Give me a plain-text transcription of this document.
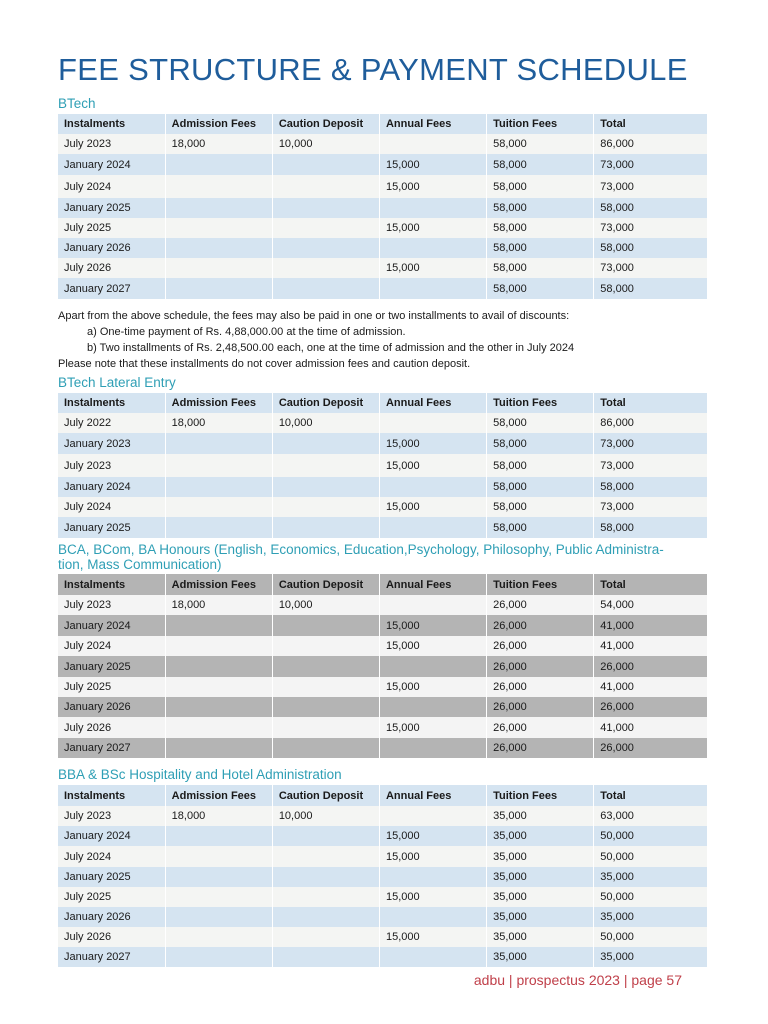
FEE STRUCTURE & PAYMENT SCHEDULE
BTech
Instalments	Admission Fees	Caution Deposit	Annual Fees	Tuition Fees	Total
July 2023	18,000	10,000		58,000	86,000
January 2024			15,000	58,000	73,000
July 2024			15,000	58,000	73,000
January 2025				58,000	58,000
July 2025			15,000	58,000	73,000
January 2026				58,000	58,000
July 2026			15,000	58,000	73,000
January 2027				58,000	58,000
Apart from the above schedule, the fees may also be paid in one or two installments to avail of discounts:
a) One-time payment of Rs. 4,88,000.00 at the time of admission.
b) Two installments of Rs. 2,48,500.00 each, one at the time of admission and the other in July 2024
Please note that these installments do not cover admission fees and caution deposit.
BTech Lateral Entry
Instalments	Admission Fees	Caution Deposit	Annual Fees	Tuition Fees	Total
July 2022	18,000	10,000		58,000	86,000
January 2023			15,000	58,000	73,000
July 2023			15,000	58,000	73,000
January 2024				58,000	58,000
July 2024			15,000	58,000	73,000
January 2025				58,000	58,000
BCA, BCom, BA Honours (English, Economics, Education,Psychology, Philosophy, Public Administra-
tion, Mass Communication)
Instalments	Admission Fees	Caution Deposit	Annual Fees	Tuition Fees	Total
July 2023	18,000	10,000		26,000	54,000
January 2024			15,000	26,000	41,000
July 2024			15,000	26,000	41,000
January 2025				26,000	26,000
July 2025			15,000	26,000	41,000
January 2026				26,000	26,000
July 2026			15,000	26,000	41,000
January 2027				26,000	26,000
BBA & BSc Hospitality and Hotel Administration
Instalments	Admission Fees	Caution Deposit	Annual Fees	Tuition Fees	Total
July 2023	18,000	10,000		35,000	63,000
January 2024			15,000	35,000	50,000
July 2024			15,000	35,000	50,000
January 2025				35,000	35,000
July 2025			15,000	35,000	50,000
January 2026				35,000	35,000
July 2026			15,000	35,000	50,000
January 2027				35,000	35,000
adbu | prospectus 2023 | page 57
